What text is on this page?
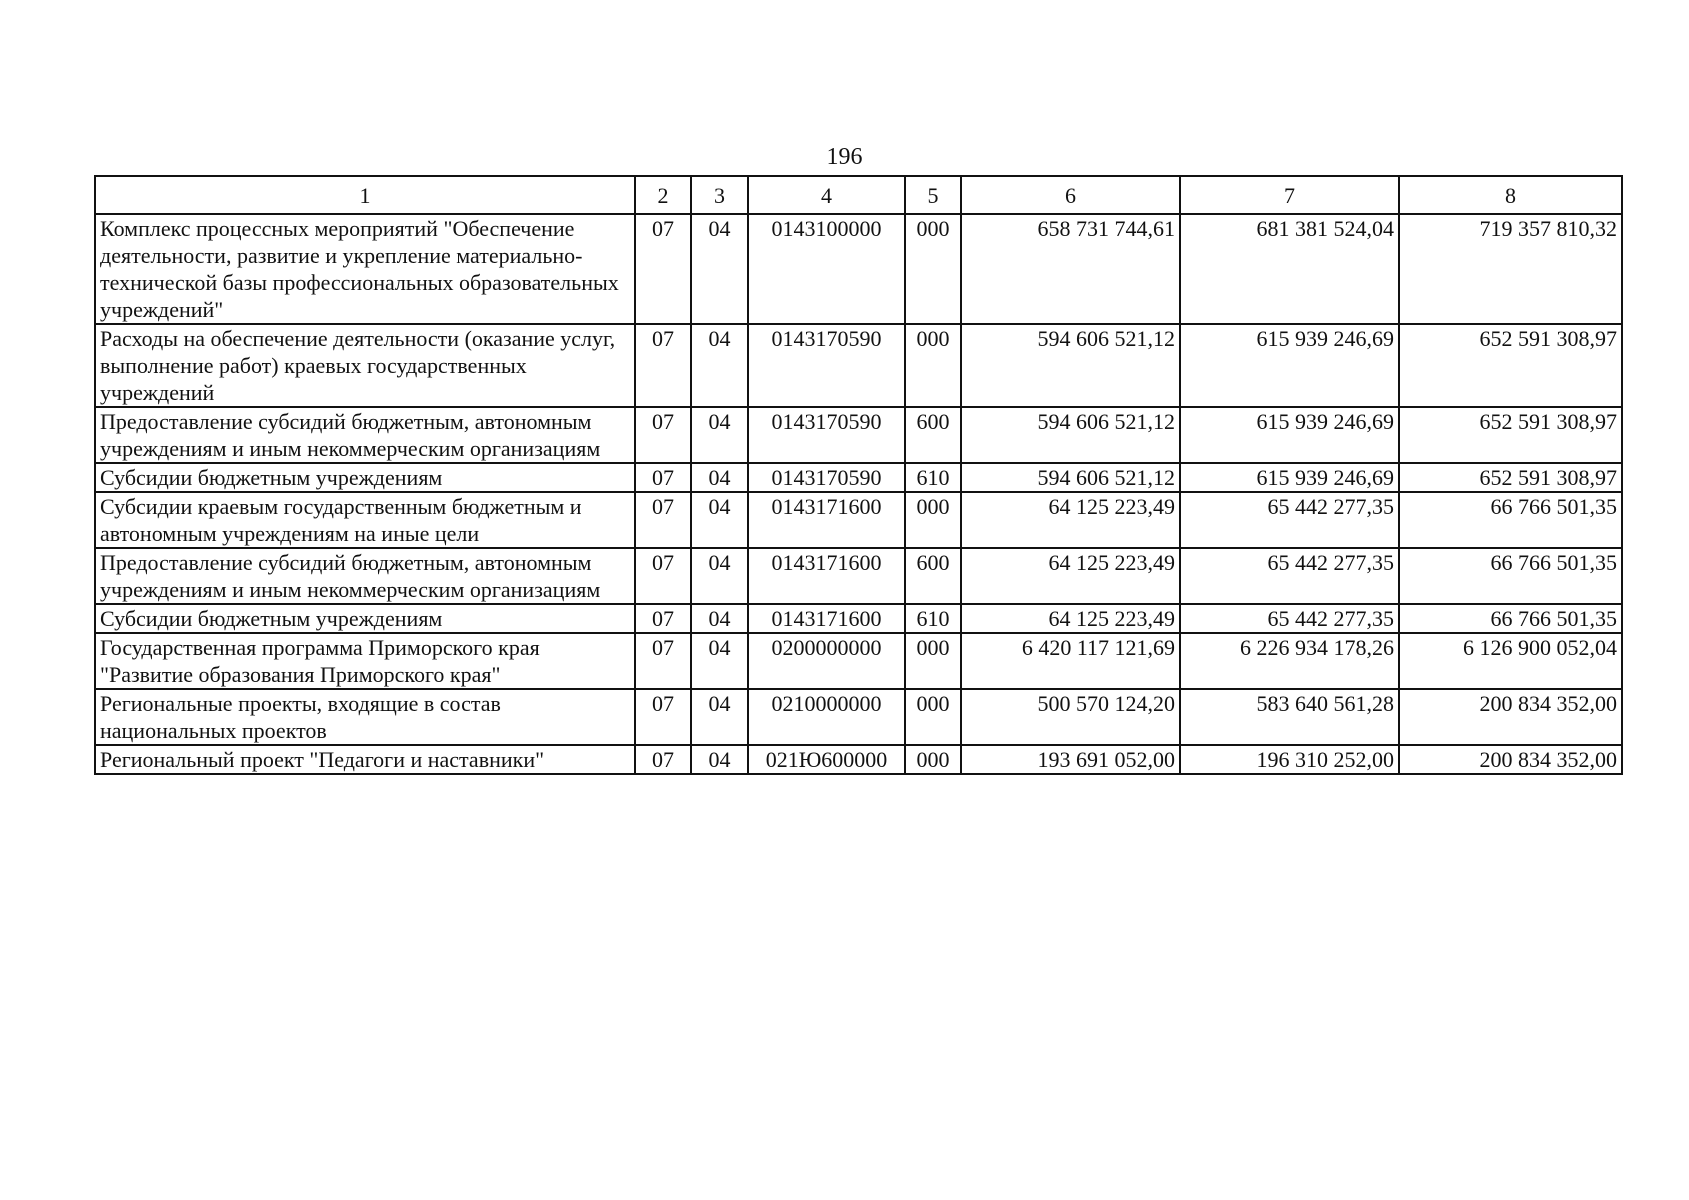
196
1	2	3	4	5	6	7	8
Комплекс процессных мероприятий "Обеспечение деятельности, развитие и укрепление материально-технической базы профессиональных образовательных учреждений"	07	04	0143100000	000	658 731 744,61	681 381 524,04	719 357 810,32
Расходы на обеспечение деятельности (оказание услуг, выполнение работ) краевых государственных учреждений	07	04	0143170590	000	594 606 521,12	615 939 246,69	652 591 308,97
Предоставление субсидий бюджетным, автономным учреждениям и иным некоммерческим организациям	07	04	0143170590	600	594 606 521,12	615 939 246,69	652 591 308,97
Субсидии бюджетным учреждениям	07	04	0143170590	610	594 606 521,12	615 939 246,69	652 591 308,97
Субсидии краевым государственным бюджетным и автономным учреждениям на иные цели	07	04	0143171600	000	64 125 223,49	65 442 277,35	66 766 501,35
Предоставление субсидий бюджетным, автономным учреждениям и иным некоммерческим организациям	07	04	0143171600	600	64 125 223,49	65 442 277,35	66 766 501,35
Субсидии бюджетным учреждениям	07	04	0143171600	610	64 125 223,49	65 442 277,35	66 766 501,35
Государственная программа Приморского края "Развитие образования Приморского края"	07	04	0200000000	000	6 420 117 121,69	6 226 934 178,26	6 126 900 052,04
Региональные проекты, входящие в состав национальных проектов	07	04	0210000000	000	500 570 124,20	583 640 561,28	200 834 352,00
Региональный проект "Педагоги и наставники"	07	04	021Ю600000	000	193 691 052,00	196 310 252,00	200 834 352,00
